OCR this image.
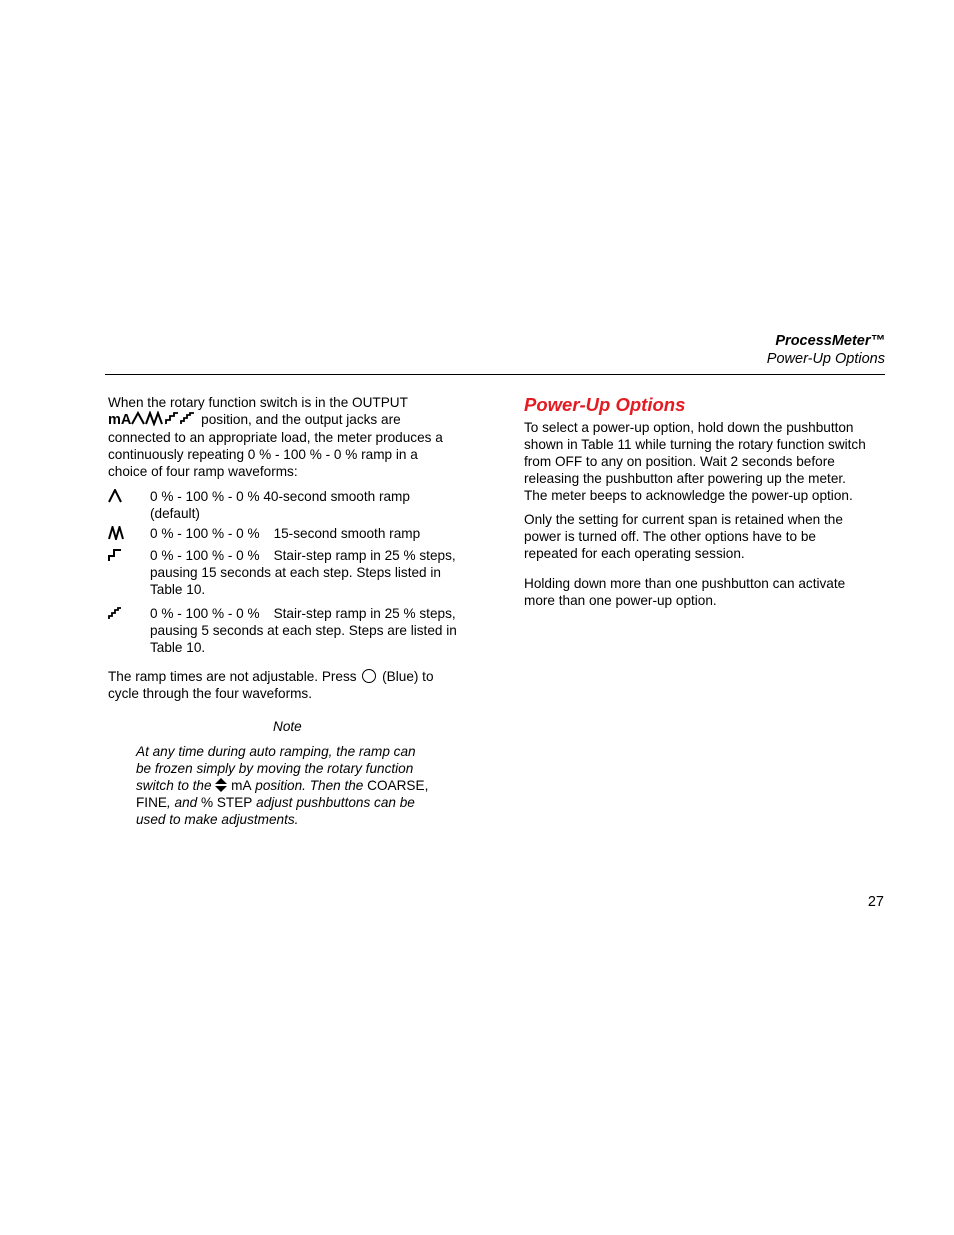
ProcessMeter™
Power-Up Options
When the rotary function switch is in the OUTPUT
mA	position, and the output jacks are
connected to an appropriate load, the meter produces a
continuously repeating 0 % - 100 % - 0 % ramp in a
choice of four ramp waveforms:
0 % - 100 % - 0 % 40-second smooth ramp
(default)
0 % - 100 % - 0 % 15-second smooth ramp
0 % - 100 % - 0 % Stair-step ramp in 25 % steps,
pausing 15 seconds at each step. Steps listed in
Table 10.
0 % - 100 % - 0 % Stair-step ramp in 25 % steps,
pausing 5 seconds at each step. Steps are listed in
Table 10.
The ramp times are not adjustable. Press (Blue) to
cycle through the four waveforms.
Note
At any time during auto ramping, the ramp can
be frozen simply by moving the rotary function
switch to the mA position. Then the COARSE,
FINE, and % STEP adjust pushbuttons can be
used to make adjustments.
Power-Up Options
To select a power-up option, hold down the pushbutton
shown in Table 11 while turning the rotary function switch
from OFF to any on position. Wait 2 seconds before
releasing the pushbutton after powering up the meter.
The meter beeps to acknowledge the power-up option.
Only the setting for current span is retained when the
power is turned off. The other options have to be
repeated for each operating session.
Holding down more than one pushbutton can activate
more than one power-up option.
27
